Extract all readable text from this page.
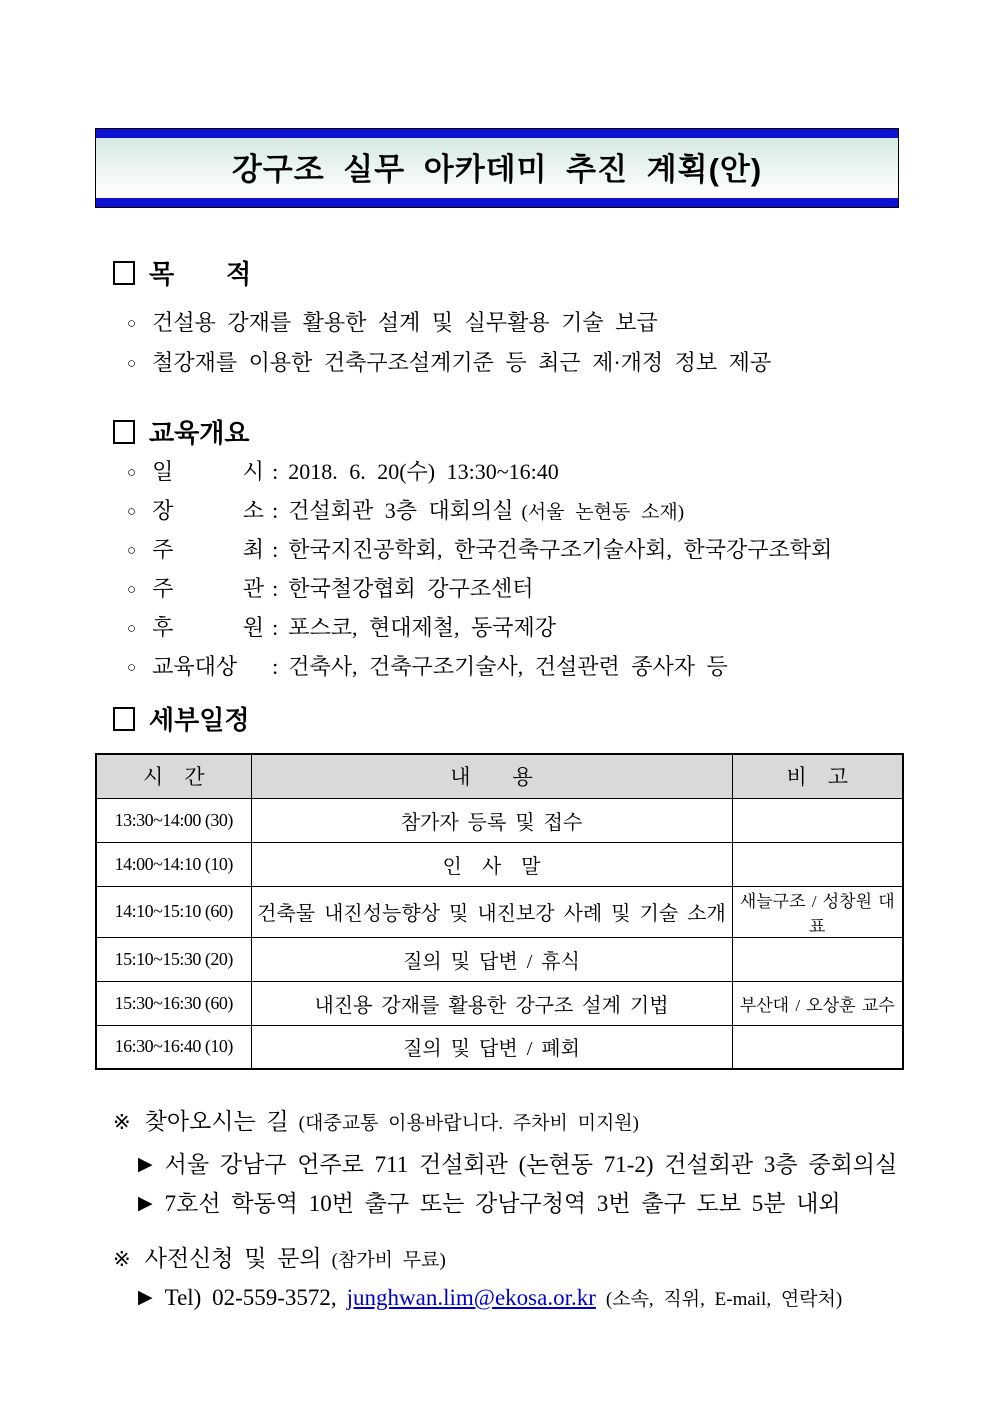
강구조 실무 아카데미 추진 계획(안)
목　　적
○ 건설용 강재를 활용한 설계 및 실무활용 기술 보급
○ 철강재를 이용한 건축구조설계기준 등 최근 제·개정 정보 제공
교육개요
○ 일 시 : 2018. 6. 20(수) 13:30~16:40
○ 장 소 : 건설회관 3층 대회의실 (서울 논현동 소재)
○ 주 최 : 한국지진공학회, 한국건축구조기술사회, 한국강구조학회
○ 주 관 : 한국철강협회 강구조센터
○ 후 원 : 포스코, 현대제철, 동국제강
○ 교육대상	: 건축사, 건축구조기술사, 건설관련 종사자 등
세부일정
시　간	내　　용	비　고
13:30~14:00 (30)	참가자 등록 및 접수	
14:00~14:10 (10)	인　사　말	
14:10~15:10 (60)	건축물 내진성능향상 및 내진보강 사례 및 기술 소개	새늘구조 / 성창원 대표
15:10~15:30 (20)	질의 및 답변 / 휴식	
15:30~16:30 (60)	내진용 강재를 활용한 강구조 설계 기법	부산대 / 오상훈 교수
16:30~16:40 (10)	질의 및 답변 / 폐회	
※ 찾아오시는 길 (대중교통 이용바랍니다. 주차비 미지원)
▶ 서울 강남구 언주로 711 건설회관 (논현동 71-2) 건설회관 3층 중회의실
▶ 7호선 학동역 10번 출구 또는 강남구청역 3번 출구 도보 5분 내외
※ 사전신청 및 문의 (참가비 무료)
▶ Tel) 02-559-3572, junghwan.lim@ekosa.or.kr (소속, 직위, E-mail, 연락처)
